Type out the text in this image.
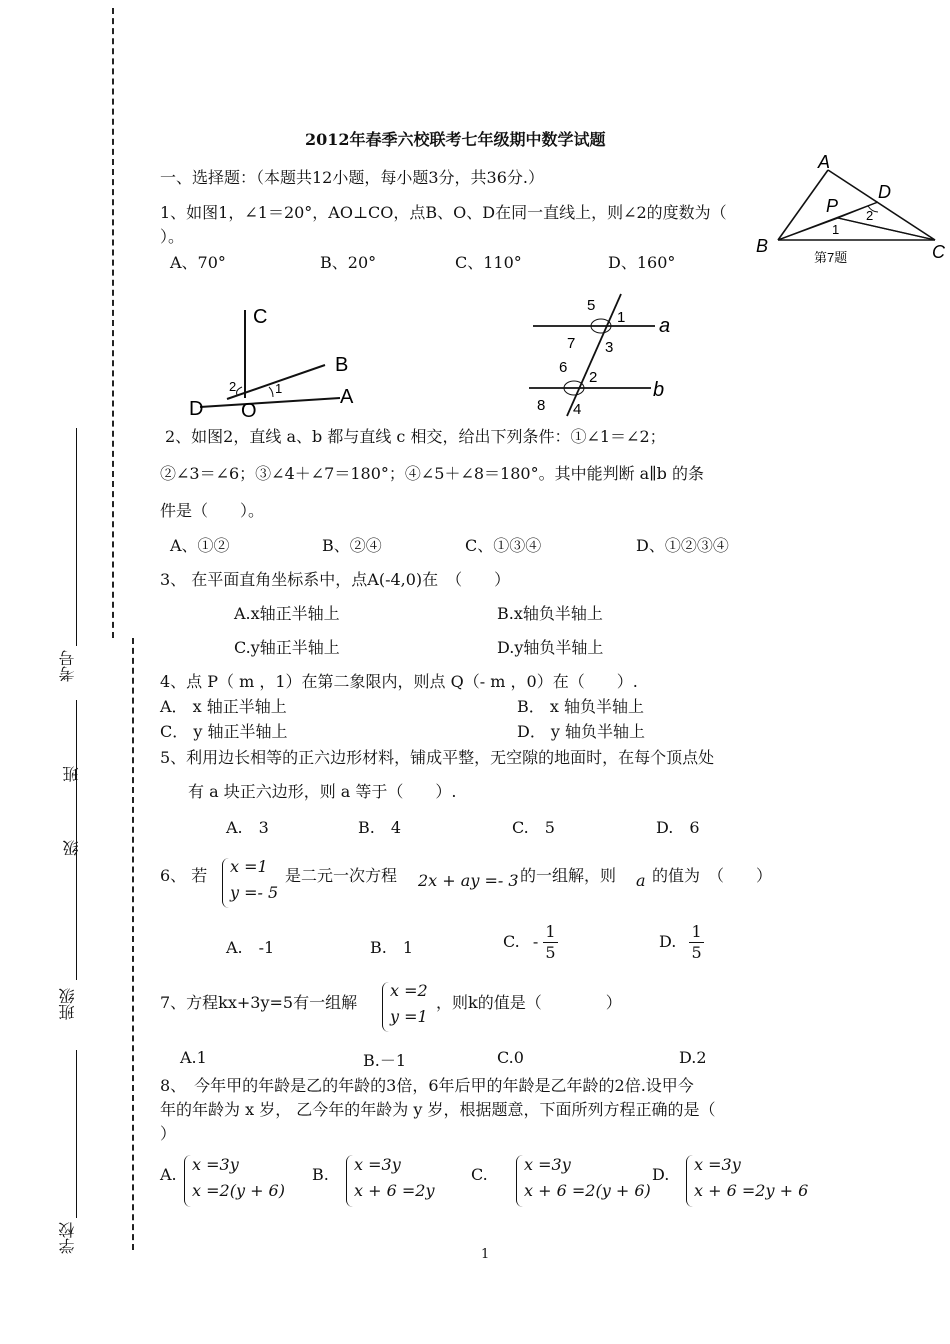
考号
班
级
班级
学校
2012年春季六校联考七年级期中数学试题
一、选择题：（本题共12小题，每小题3分，共36分.）
A
D
P 2
1
B	C
第7题
1、如图1，∠1＝20°，AO⊥CO，点B、O、D在同一直线上，则∠2的度数为（
）。
A、70°	B、20°	C、110°	D、160°
C
B
A
D O
2	1
a
b
5
1
7 3
6
2
8 4
2、如图2，直线 a、b 都与直线 c 相交，给出下列条件：①∠1＝∠2；
②∠3＝∠6；③∠4＋∠7＝180°；④∠5＋∠8＝180°。其中能判断 a∥b 的条
件是（　　）。
A、①②	B、②④	C、①③④	D、①②③④
3、 在平面直角坐标系中，点A(-4,0)在　（　　）
A.x轴正半轴上	B.x轴负半轴上
C.y轴正半轴上	D.y轴负半轴上
4、点 P（ m ，1）在第二象限内，则点 Q（- m ，0）在（　　）.
A． x 轴正半轴上	B． x 轴负半轴上
C． y 轴正半轴上	D． y 轴负半轴上
5、利用边长相等的正六边形材料，铺成平整，无空隙的地面时，在每个顶点处
有 a 块正六边形，则 a 等于（　　）.
A.　3	B.　4	C.　5	D.　6
6、 若 x =1
y =- 5
是二元一次方程 2x + ay =- 3 的一组解，则 a 的值为　（　　）
A.　-1	B.　1	C. - $\frac{1}{5}$	D. $\frac{1}{5}$
7、方程kx+3y=5有一组解
x =2
y =1
，则k的值是（　　　　）
A.1	B.－1	C.0	D.2
8、　今年甲的年龄是乙的年龄的3倍，6年后甲的年龄是乙年龄的2倍.设甲今
年的年龄为 x 岁， 乙今年的年龄为 y 岁，根据题意，下面所列方程正确的是（
）
A.
x =3y
x =2(y + 6)
B.
x =3y
x + 6 =2y
C.
x =3y
x + 6 =2(y + 6)
D.
x =3y
x + 6 =2y + 6
1
